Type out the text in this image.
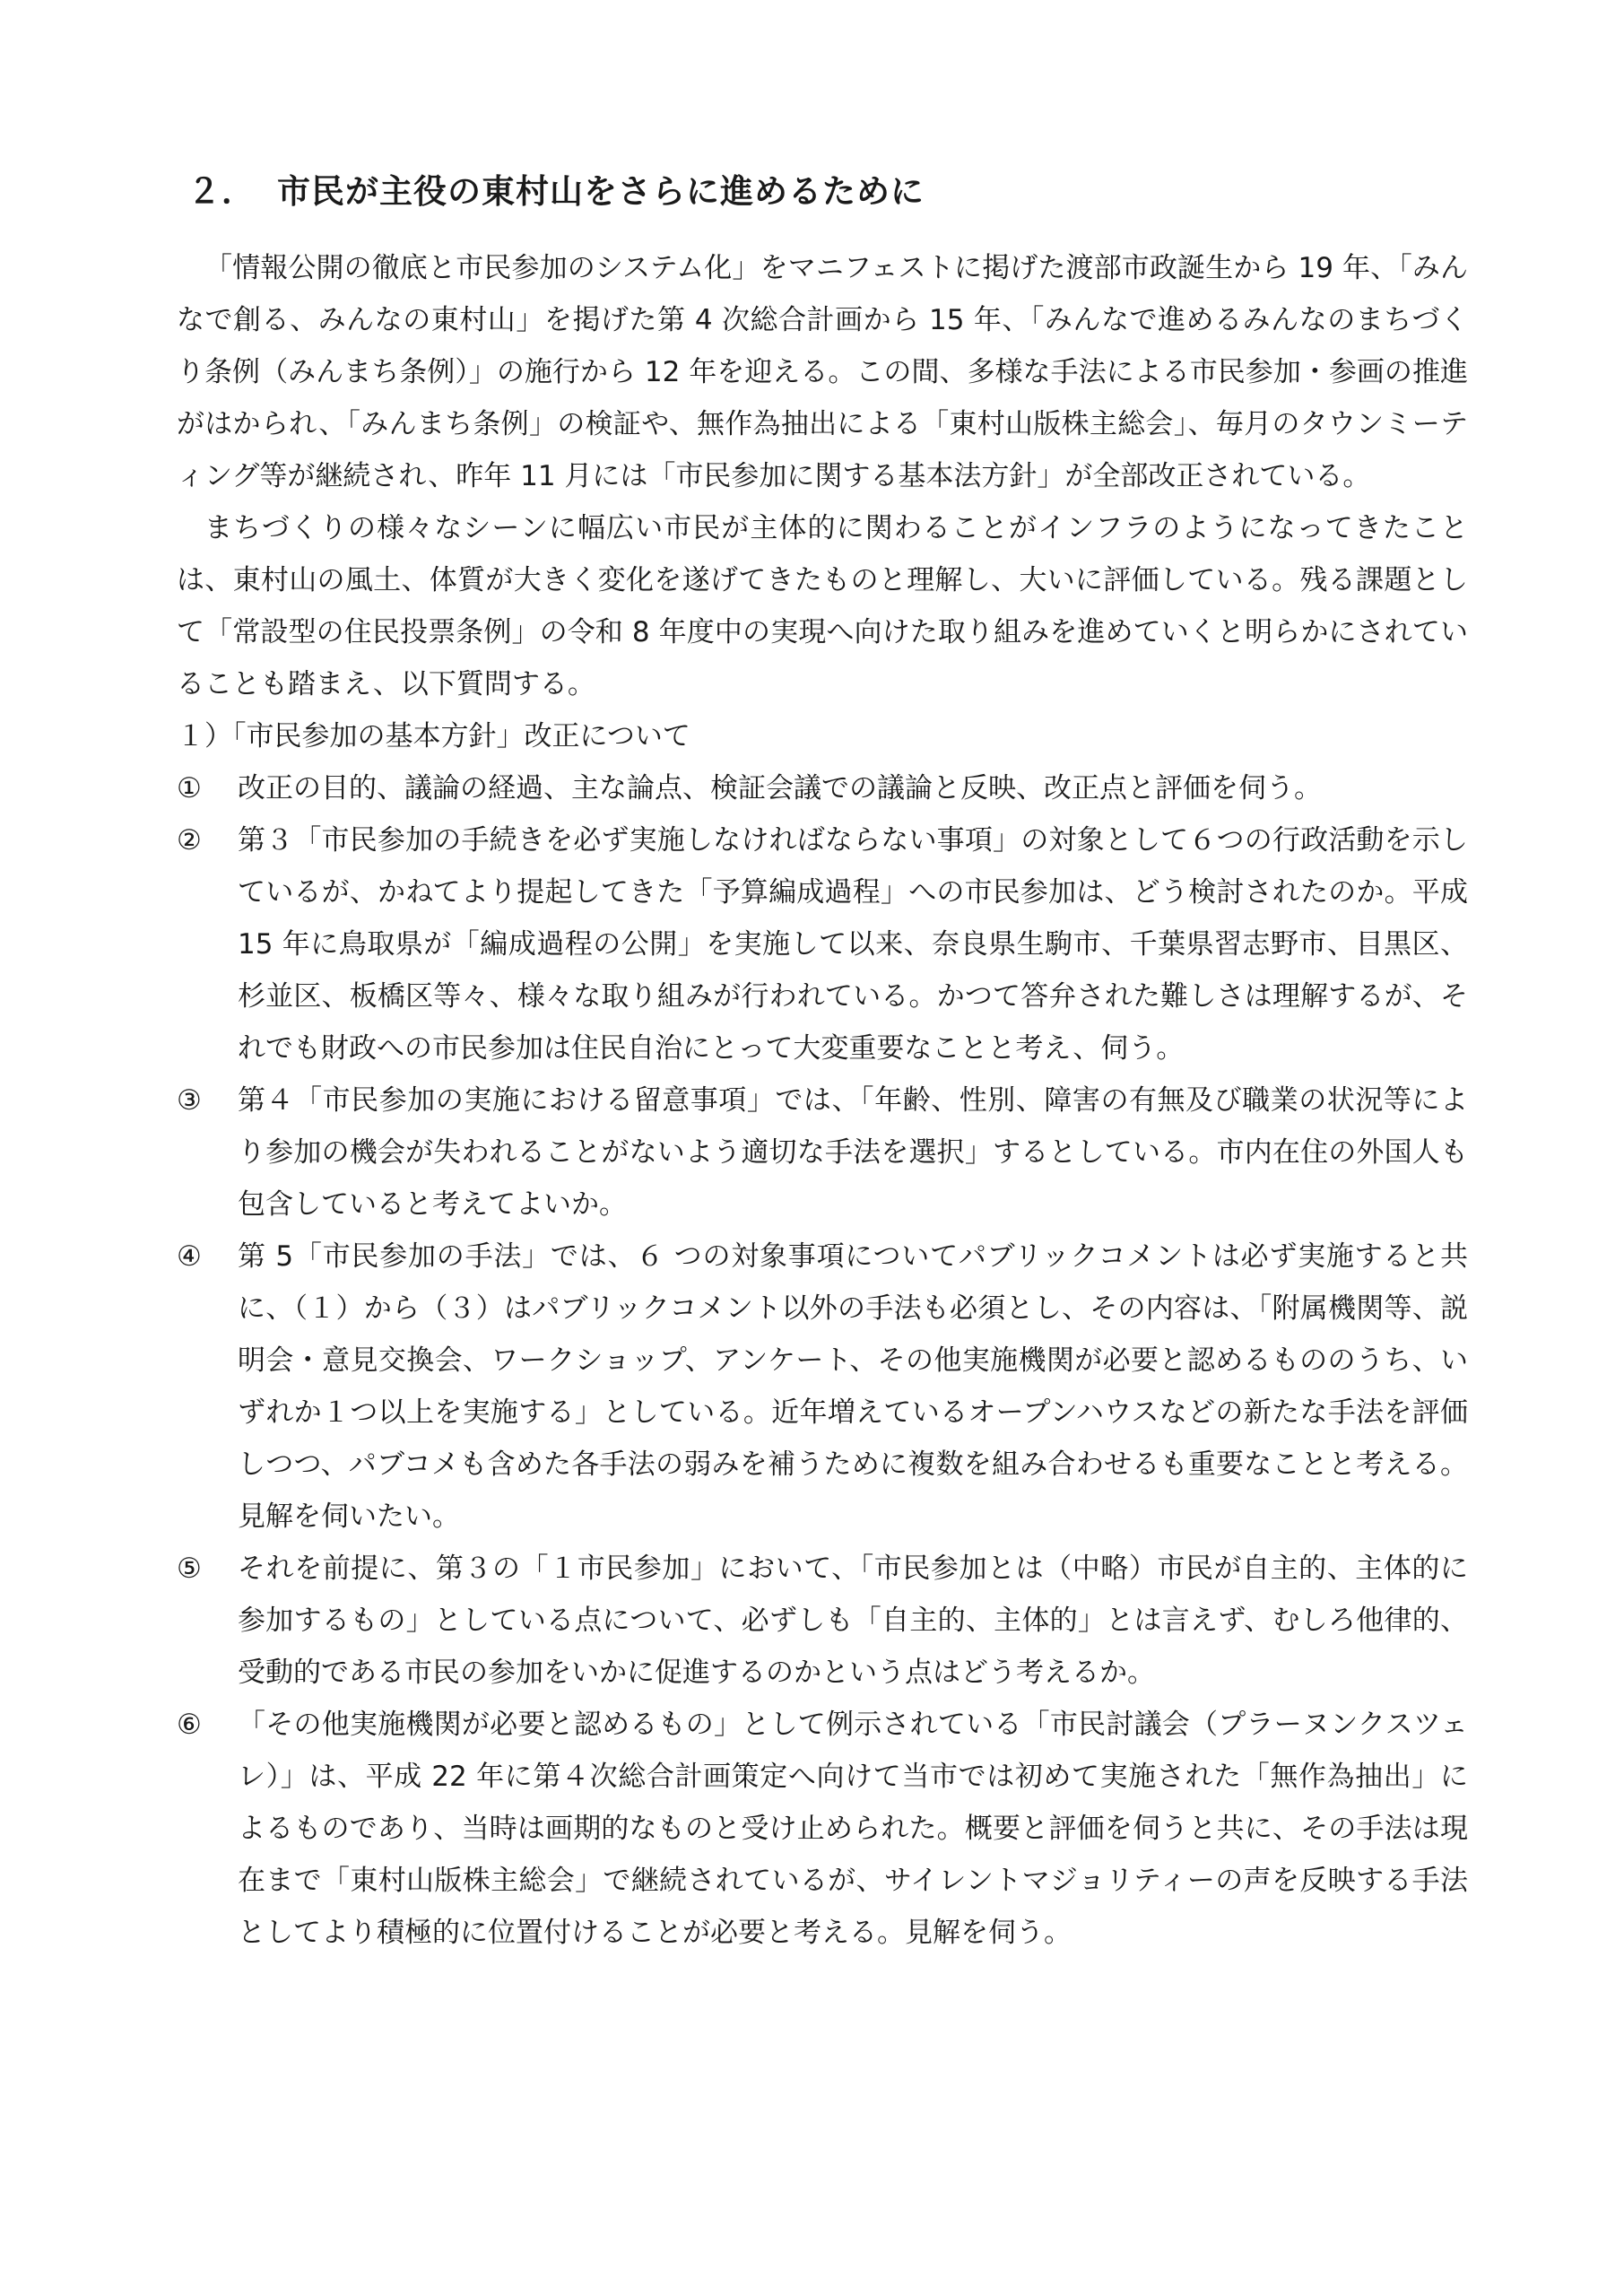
２． 市民が主役の東村山をさらに進めるために

「情報公開の徹底と市民参加のシステム化」をマニフェストに掲げた渡部市政誕生から 19 年、「みんなで創る、みんなの東村山」を掲げた第 4 次総合計画から 15 年、「みんなで進めるみんなのまちづくり条例（みんまち条例）」の施行から 12 年を迎える。この間、多様な手法による市民参加・参画の推進がはかられ、「みんまち条例」の検証や、無作為抽出による「東村山版株主総会」、毎月のタウンミーティング等が継続され、昨年 11 月には「市民参加に関する基本法方針」が全部改正されている。

まちづくりの様々なシーンに幅広い市民が主体的に関わることがインフラのようになってきたことは、東村山の風土、体質が大きく変化を遂げてきたものと理解し、大いに評価している。残る課題として「常設型の住民投票条例」の令和 8 年度中の実現へ向けた取り組みを進めていくと明らかにされていることも踏まえ、以下質問する。

１）「市民参加の基本方針」改正について

①	改正の目的、議論の経過、主な論点、検証会議での議論と反映、改正点と評価を伺う。
②	第３「市民参加の手続きを必ず実施しなければならない事項」の対象として６つの行政活動を示しているが、かねてより提起してきた「予算編成過程」への市民参加は、どう検討されたのか。平成 15 年に鳥取県が「編成過程の公開」を実施して以来、奈良県生駒市、千葉県習志野市、目黒区、杉並区、板橋区等々、様々な取り組みが行われている。かつて答弁された難しさは理解するが、それでも財政への市民参加は住民自治にとって大変重要なことと考え、伺う。
③	第４「市民参加の実施における留意事項」では、「年齢、性別、障害の有無及び職業の状況等により参加の機会が失われることがないよう適切な手法を選択」するとしている。市内在住の外国人も包含していると考えてよいか。
④	第 5「市民参加の手法」では、６ つの対象事項についてパブリックコメントは必ず実施すると共に、（１）から（３）はパブリックコメント以外の手法も必須とし、その内容は、「附属機関等、説明会・意見交換会、ワークショップ、アンケート、その他実施機関が必要と認めるもののうち、いずれか１つ以上を実施する」としている。近年増えているオープンハウスなどの新たな手法を評価しつつ、パブコメも含めた各手法の弱みを補うために複数を組み合わせるも重要なことと考える。見解を伺いたい。
⑤	それを前提に、第３の「１市民参加」において、「市民参加とは（中略）市民が自主的、主体的に参加するもの」としている点について、必ずしも「自主的、主体的」とは言えず、むしろ他律的、受動的である市民の参加をいかに促進するのかという点はどう考えるか。
⑥	「その他実施機関が必要と認めるもの」として例示されている「市民討議会（プラーヌンクスツェレ）」は、平成 22 年に第４次総合計画策定へ向けて当市では初めて実施された「無作為抽出」によるものであり、当時は画期的なものと受け止められた。概要と評価を伺うと共に、その手法は現在まで「東村山版株主総会」で継続されているが、サイレントマジョリティーの声を反映する手法としてより積極的に位置付けることが必要と考える。見解を伺う。
